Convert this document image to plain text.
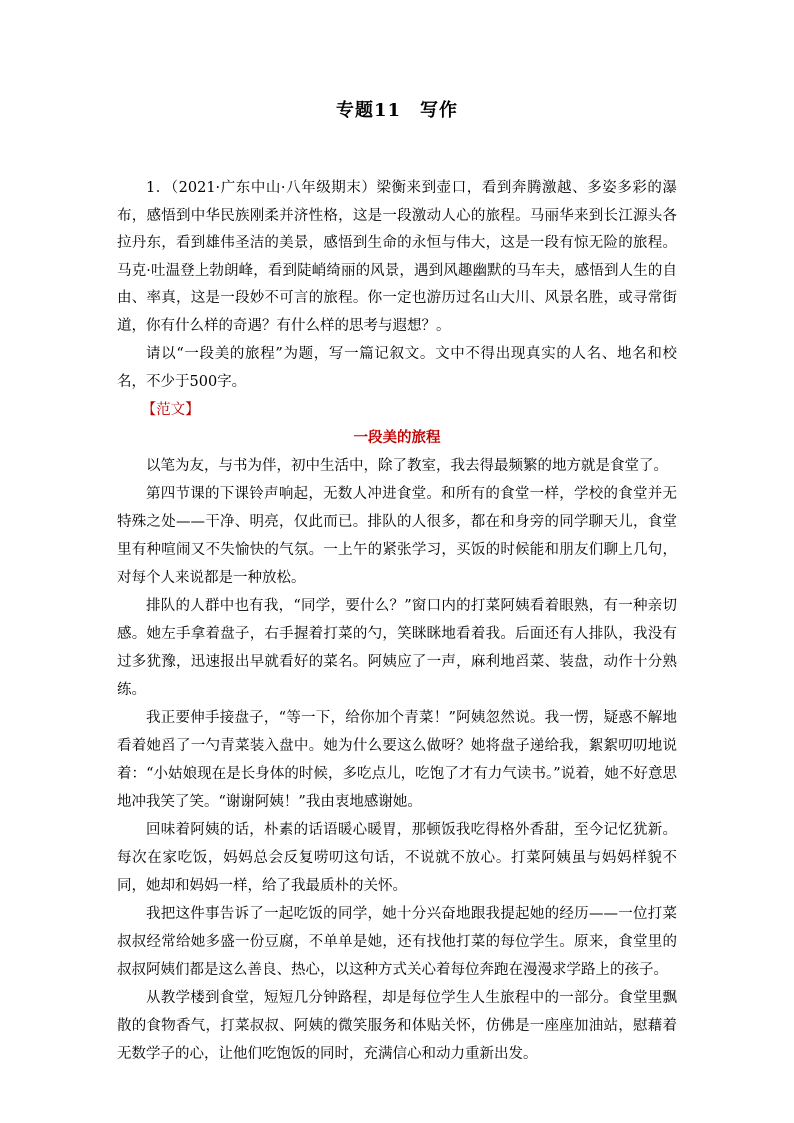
专题11　写作

1．（2021·广东中山·八年级期末）梁衡来到壶口，看到奔腾激越、多姿多彩的瀑布，感悟到中华民族刚柔并济性格，这是一段激动人心的旅程。马丽华来到长江源头各拉丹东，看到雄伟圣洁的美景，感悟到生命的永恒与伟大，这是一段有惊无险的旅程。马克·吐温登上勃朗峰，看到陡峭绮丽的风景，遇到风趣幽默的马车夫，感悟到人生的自由、率真，这是一段妙不可言的旅程。你一定也游历过名山大川、风景名胜，或寻常街道，你有什么样的奇遇？有什么样的思考与遐想？。

请以“一段美的旅程”为题，写一篇记叙文。文中不得出现真实的人名、地名和校名，不少于500字。

【范文】
一段美的旅程

以笔为友，与书为伴，初中生活中，除了教室，我去得最频繁的地方就是食堂了。

第四节课的下课铃声响起，无数人冲进食堂。和所有的食堂一样，学校的食堂并无特殊之处——干净、明亮，仅此而已。排队的人很多，都在和身旁的同学聊天儿，食堂里有种喧闹又不失愉快的气氛。一上午的紧张学习，买饭的时候能和朋友们聊上几句，对每个人来说都是一种放松。

排队的人群中也有我，“同学，要什么？”窗口内的打菜阿姨看着眼熟，有一种亲切感。她左手拿着盘子，右手握着打菜的勺，笑眯眯地看着我。后面还有人排队，我没有过多犹豫，迅速报出早就看好的菜名。阿姨应了一声，麻利地舀菜、装盘，动作十分熟练。

我正要伸手接盘子，“等一下，给你加个青菜！”阿姨忽然说。我一愣，疑惑不解地看着她舀了一勺青菜装入盘中。她为什么要这么做呀？她将盘子递给我，絮絮叨叨地说着：“小姑娘现在是长身体的时候，多吃点儿，吃饱了才有力气读书。”说着，她不好意思地冲我笑了笑。“谢谢阿姨！”我由衷地感谢她。

回味着阿姨的话，朴素的话语暖心暖胃，那顿饭我吃得格外香甜，至今记忆犹新。每次在家吃饭，妈妈总会反复唠叨这句话，不说就不放心。打菜阿姨虽与妈妈样貌不同，她却和妈妈一样，给了我最质朴的关怀。

我把这件事告诉了一起吃饭的同学，她十分兴奋地跟我提起她的经历——一位打菜叔叔经常给她多盛一份豆腐，不单单是她，还有找他打菜的每位学生。原来，食堂里的叔叔阿姨们都是这么善良、热心，以这种方式关心着每位奔跑在漫漫求学路上的孩子。

从教学楼到食堂，短短几分钟路程，却是每位学生人生旅程中的一部分。食堂里飘散的食物香气，打菜叔叔、阿姨的微笑服务和体贴关怀，仿佛是一座座加油站，慰藉着无数学子的心，让他们吃饱饭的同时，充满信心和动力重新出发。
